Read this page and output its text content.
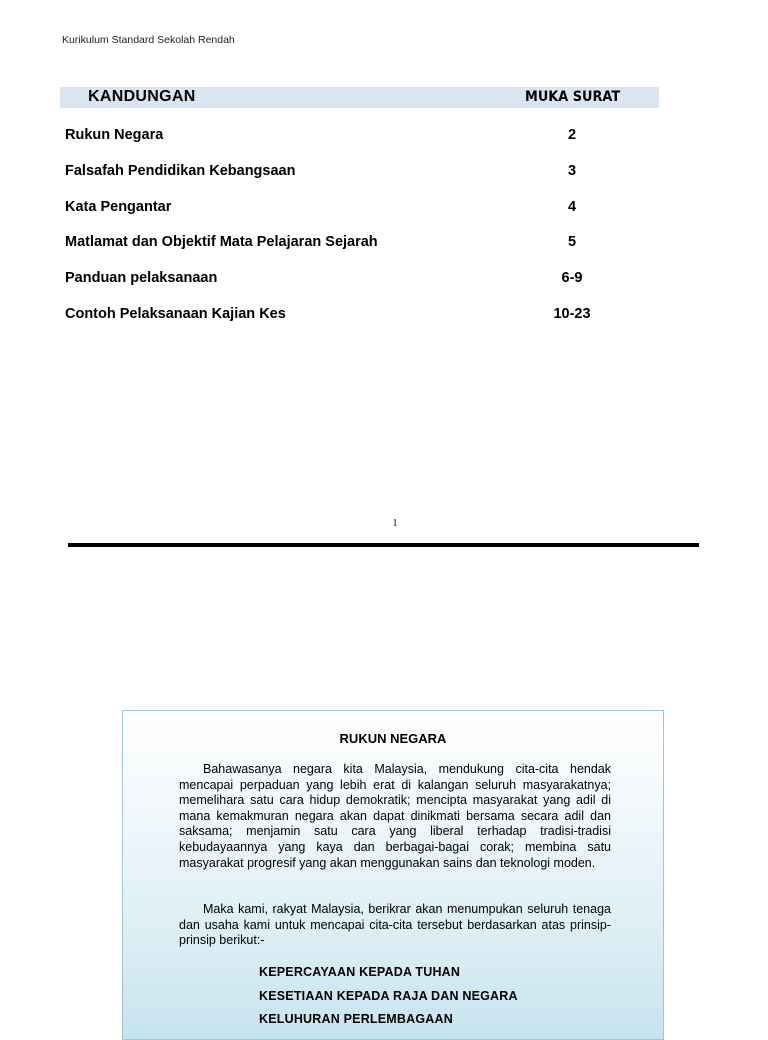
Kurikulum Standard Sekolah Rendah
KANDUNGAN	MUKA SURAT
Rukun Negara	2
Falsafah Pendidikan Kebangsaan	3
Kata Pengantar	4
Matlamat dan Objektif Mata Pelajaran Sejarah	5
Panduan pelaksanaan	6-9
Contoh Pelaksanaan Kajian Kes	10-23
1
RUKUN NEGARA
Bahawasanya negara kita Malaysia, mendukung cita-cita hendak mencapai perpaduan yang lebih erat di kalangan seluruh masyarakatnya; memelihara satu cara hidup demokratik; mencipta masyarakat yang adil di mana kemakmuran negara akan dapat dinikmati bersama secara adil dan saksama; menjamin satu cara yang liberal terhadap tradisi-tradisi kebudayaannya yang kaya dan berbagai-bagai corak; membina satu masyarakat progresif yang akan menggunakan sains dan teknologi moden.
Maka kami, rakyat Malaysia, berikrar akan menumpukan seluruh tenaga dan usaha kami untuk mencapai cita-cita tersebut berdasarkan atas prinsip-prinsip berikut:-
KEPERCAYAAN KEPADA TUHAN
KESETIAAN KEPADA RAJA DAN NEGARA
KELUHURAN PERLEMBAGAAN
